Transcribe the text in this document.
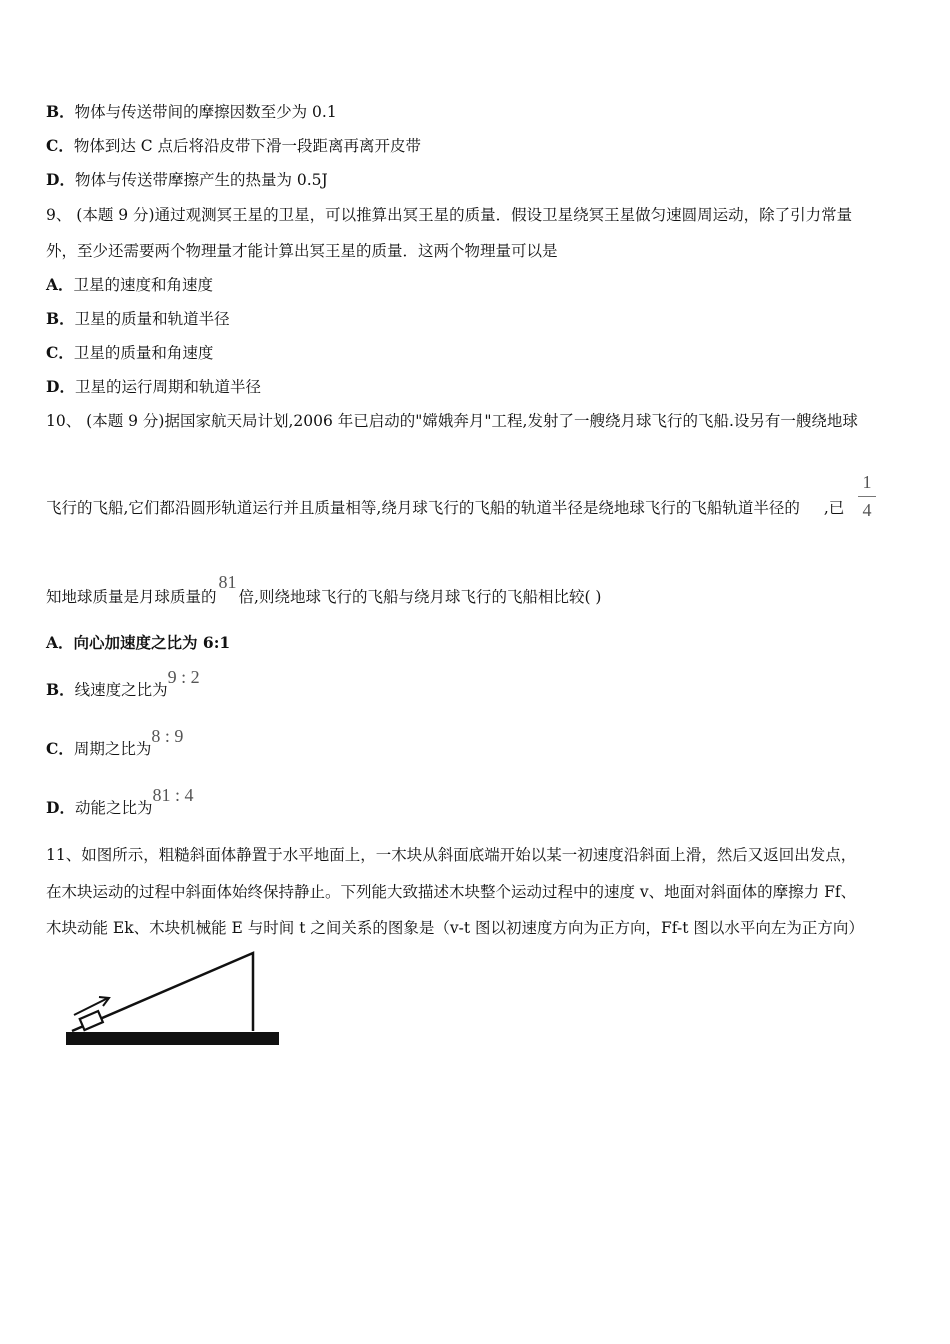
B．物体与传送带间的摩擦因数至少为 0.1
C．物体到达 C 点后将沿皮带下滑一段距离再离开皮带
D．物体与传送带摩擦产生的热量为 0.5J
9、 (本题 9 分)通过观测冥王星的卫星，可以推算出冥王星的质量．假设卫星绕冥王星做匀速圆周运动，除了引力常量
外，至少还需要两个物理量才能计算出冥王星的质量．这两个物理量可以是
A．卫星的速度和角速度
B．卫星的质量和轨道半径
C．卫星的质量和角速度
D．卫星的运行周期和轨道半径
10、 (本题 9 分)据国家航天局计划,2006 年已启动的"嫦娥奔月"工程,发射了一艘绕月球飞行的飞船.设另有一艘绕地球
飞行的飞船,它们都沿圆形轨道运行并且质量相等,绕月球飞行的飞船的轨道半径是绕地球飞行的飞船轨道半径的 ,已
1
4
知地球质量是月球质量的81倍,则绕地球飞行的飞船与绕月球飞行的飞船相比较( )
A．向心加速度之比为 6:1
B．线速度之比为9 : 2
C．周期之比为8 : 9
D．动能之比为81 : 4
11、如图所示，粗糙斜面体静置于水平地面上，一木块从斜面底端开始以某一初速度沿斜面上滑，然后又返回出发点，
在木块运动的过程中斜面体始终保持静止。下列能大致描述木块整个运动过程中的速度 v、地面对斜面体的摩擦力 Ff、
木块动能 Ek、木块机械能 E 与时间 t 之间关系的图象是（v-t 图以初速度方向为正方向，Ff-t 图以水平向左为正方向）
